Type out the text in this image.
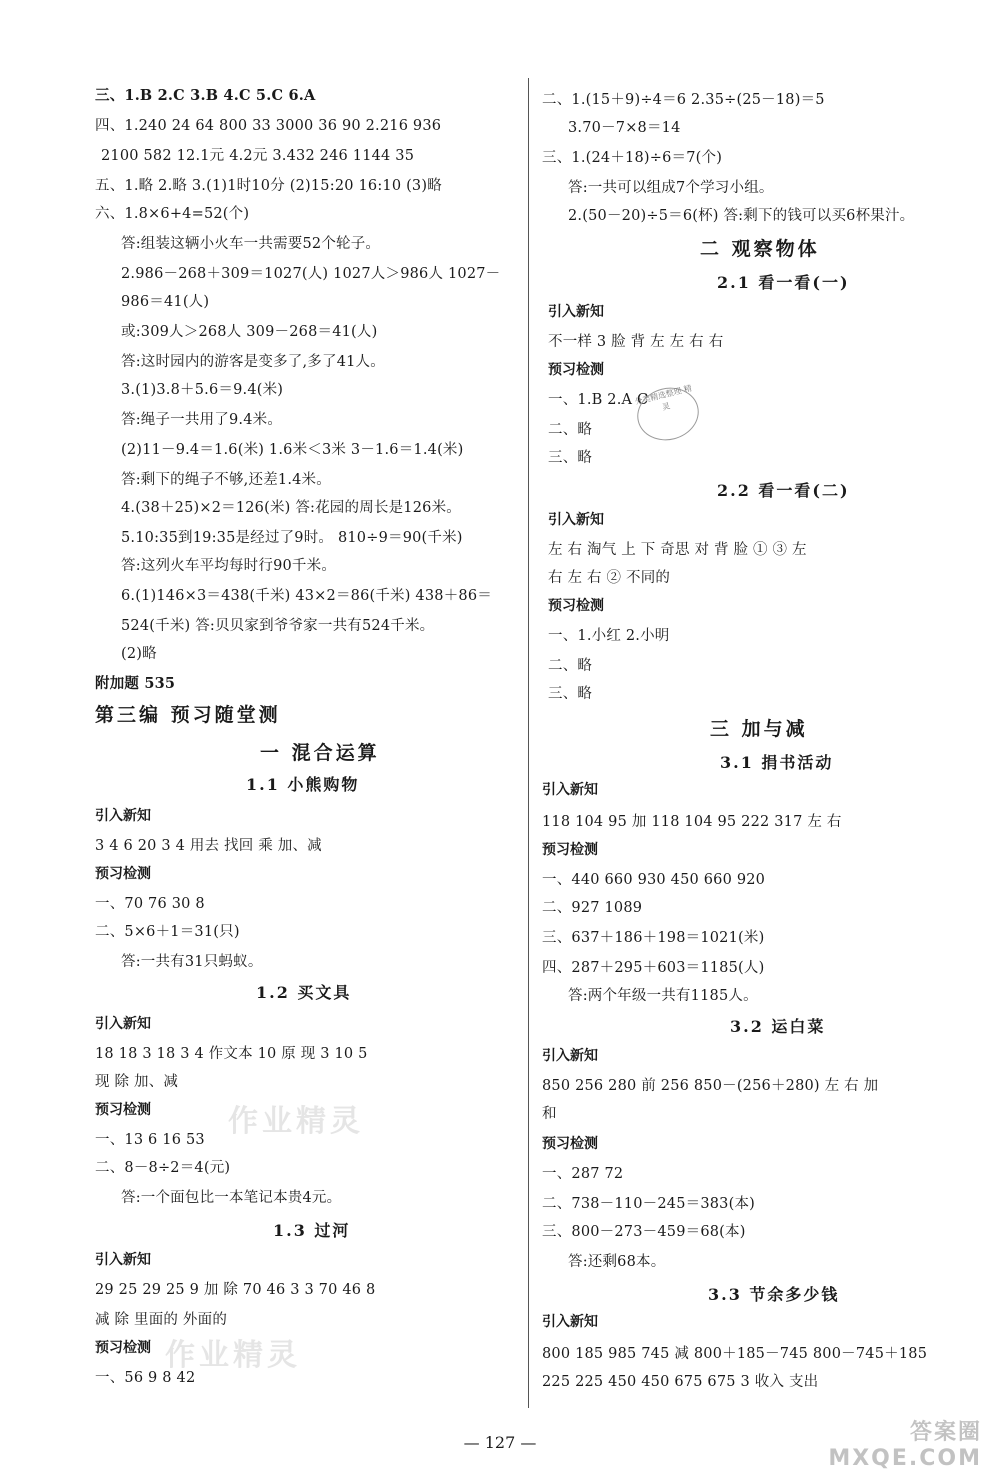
三、1.B 2.C 3.B 4.C 5.C 6.A
四、1.240 24 64 800 33 3000 36 90 2.216 936
2100 582 12.1元 4.2元 3.432 246 1144 35
五、1.略 2.略 3.(1)1时10分 (2)15:20 16:10 (3)略
六、1.8×6+4=52(个)
答:组装这辆小火车一共需要52个轮子。
2.986－268＋309＝1027(人) 1027人＞986人 1027－
986＝41(人)
或:309人＞268人 309－268＝41(人)
答:这时园内的游客是变多了,多了41人。
3.(1)3.8＋5.6＝9.4(米)
答:绳子一共用了9.4米。
(2)11－9.4＝1.6(米) 1.6米＜3米 3－1.6＝1.4(米)
答:剩下的绳子不够,还差1.4米。
4.(38＋25)×2＝126(米) 答:花园的周长是126米。
5.10:35到19:35是经过了9时。 810÷9＝90(千米)
答:这列火车平均每时行90千米。
6.(1)146×3＝438(千米) 43×2＝86(千米) 438＋86＝
524(千米) 答:贝贝家到爷爷家一共有524千米。
(2)略
附加题 535
第三编 预习随堂测
一 混合运算
1.1 小熊购物
引入新知
3 4 6 20 3 4 用去 找回 乘 加、减
预习检测
一、70 76 30 8
二、5×6＋1＝31(只)
答:一共有31只蚂蚁。
1.2 买文具
引入新知
18 18 3 18 3 4 作文本 10 原 现 3 10 5
现 除 加、减
预习检测
一、13 6 16 53
二、8－8÷2＝4(元)
答:一个面包比一本笔记本贵4元。
1.3 过河
引入新知
29 25 29 25 9 加 除 70 46 3 3 70 46 8
减 除 里面的 外面的
预习检测
一、56 9 8 42
二、1.(15＋9)÷4＝6 2.35÷(25－18)＝5
3.70－7×8＝14
三、1.(24＋18)÷6＝7(个)
答:一共可以组成7个学习小组。
2.(50－20)÷5＝6(杯) 答:剩下的钱可以买6杯果汁。
二 观察物体
2.1 看一看(一)
引入新知
不一样 3 脸 背 左 左 右 右
预习检测
一、1.B 2.A C
二、略
三、略
2.2 看一看(二)
引入新知
左 右 淘气 上 下 奇思 对 背 脸 ① ③ 左
右 左 右 ② 不同的
预习检测
一、1.小红 2.小明
二、略
三、略
三 加与减
3.1 捐书活动
引入新知
118 104 95 加 118 104 95 222 317 左 右
预习检测
一、440 660 930 450 660 920
二、927 1089
三、637＋186＋198＝1021(米)
四、287＋295＋603＝1185(人)
答:两个年级一共有1185人。
3.2 运白菜
引入新知
850 256 280 前 256 850－(256＋280) 左 右 加
和
预习检测
一、287 72
二、738－110－245＝383(本)
三、800－273－459＝68(本)
答:还剩68本。
3.3 节余多少钱
引入新知
800 185 985 745 减 800＋185－745 800－745＋185
225 225 450 450 675 675 3 收入 支出
分类精选整理 精灵
作业精灵
作业精灵
— 127 —	答案圈
MXQE.COM
